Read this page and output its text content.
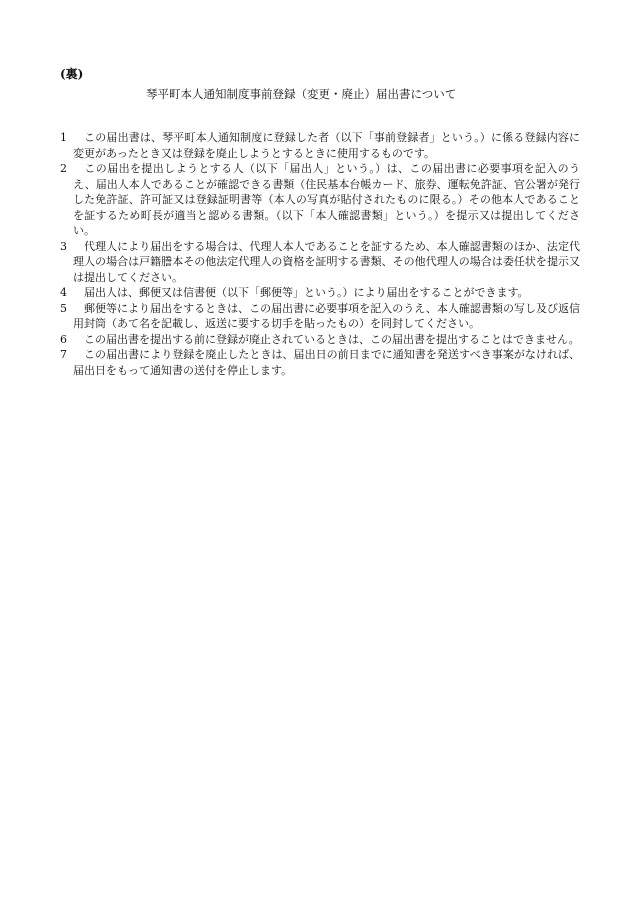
(裏)
琴平町本人通知制度事前登録（変更・廃止）届出書について
1 　この届出書は、琴平町本人通知制度に登録した者（以下「事前登録者」という。）に係る登録内容に変更があったとき又は登録を廃止しようとするときに使用するものです。
2 　この届出を提出しようとする人（以下「届出人」という。）は、この届出書に必要事項を記入のうえ、届出人本人であることが確認できる書類（住民基本台帳カード、旅券、運転免許証、官公署が発行した免許証、許可証又は登録証明書等（本人の写真が貼付されたものに限る。）その他本人であることを証するため町長が適当と認める書類。（以下「本人確認書類」という。）を提示又は提出してください。
3 　代理人により届出をする場合は、代理人本人であることを証するため、本人確認書類のほか、法定代理人の場合は戸籍謄本その他法定代理人の資格を証明する書類、その他代理人の場合は委任状を提示又は提出してください。
4 　届出人は、郵便又は信書便（以下「郵便等」という。）により届出をすることができます。
5 　郵便等により届出をするときは、この届出書に必要事項を記入のうえ、本人確認書類の写し及び返信用封筒（あて名を記載し、返送に要する切手を貼ったもの）を同封してください。
6 　この届出書を提出する前に登録が廃止されているときは、この届出書を提出することはできません。
7 　この届出書により登録を廃止したときは、届出日の前日までに通知書を発送すべき事案がなければ、届出日をもって通知書の送付を停止します。
